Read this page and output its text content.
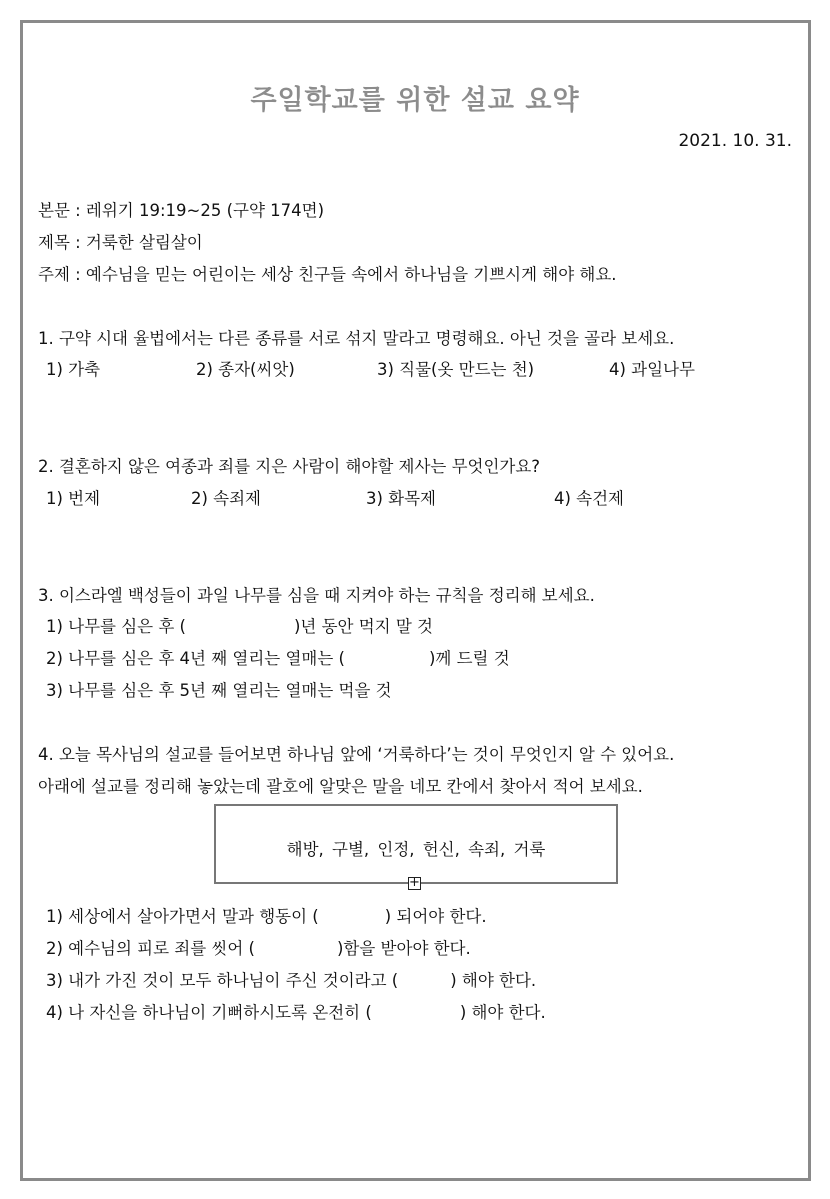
주일학교를 위한 설교 요약
2021. 10. 31.
본문 : 레위기 19:19~25 (구약 174면)
제목 : 거룩한 살림살이
주제 : 예수님을 믿는 어린이는 세상 친구들 속에서 하나님을 기쁘시게 해야 해요.
1. 구약 시대 율법에서는 다른 종류를 서로 섞지 말라고 명령해요. 아닌 것을 골라 보세요.
1) 가축	2) 종자(씨앗)	3) 직물(옷 만드는 천)	4) 과일나무
2. 결혼하지 않은 여종과 죄를 지은 사람이 해야할 제사는 무엇인가요?
1) 번제	2) 속죄제	3) 화목제	4) 속건제
3. 이스라엘 백성들이 과일 나무를 심을 때 지켜야 하는 규칙을 정리해 보세요.
1) 나무를 심은 후 (	)년 동안 먹지 말 것
2) 나무를 심은 후 4년 째 열리는 열매는 (	)께 드릴 것
3) 나무를 심은 후 5년 째 열리는 열매는 먹을 것
4. 오늘 목사님의 설교를 들어보면 하나님 앞에 ‘거룩하다’는 것이 무엇인지 알 수 있어요.
아래에 설교를 정리해 놓았는데 괄호에 알맞은 말을 네모 칸에서 찾아서 적어 보세요.
해방, 구별, 인정, 헌신, 속죄, 거룩
+
1) 세상에서 살아가면서 말과 행동이 (	) 되어야 한다.
2) 예수님의 피로 죄를 씻어 (	)함을 받아야 한다.
3) 내가 가진 것이 모두 하나님이 주신 것이라고 (	) 해야 한다.
4) 나 자신을 하나님이 기뻐하시도록 온전히 (	) 해야 한다.
